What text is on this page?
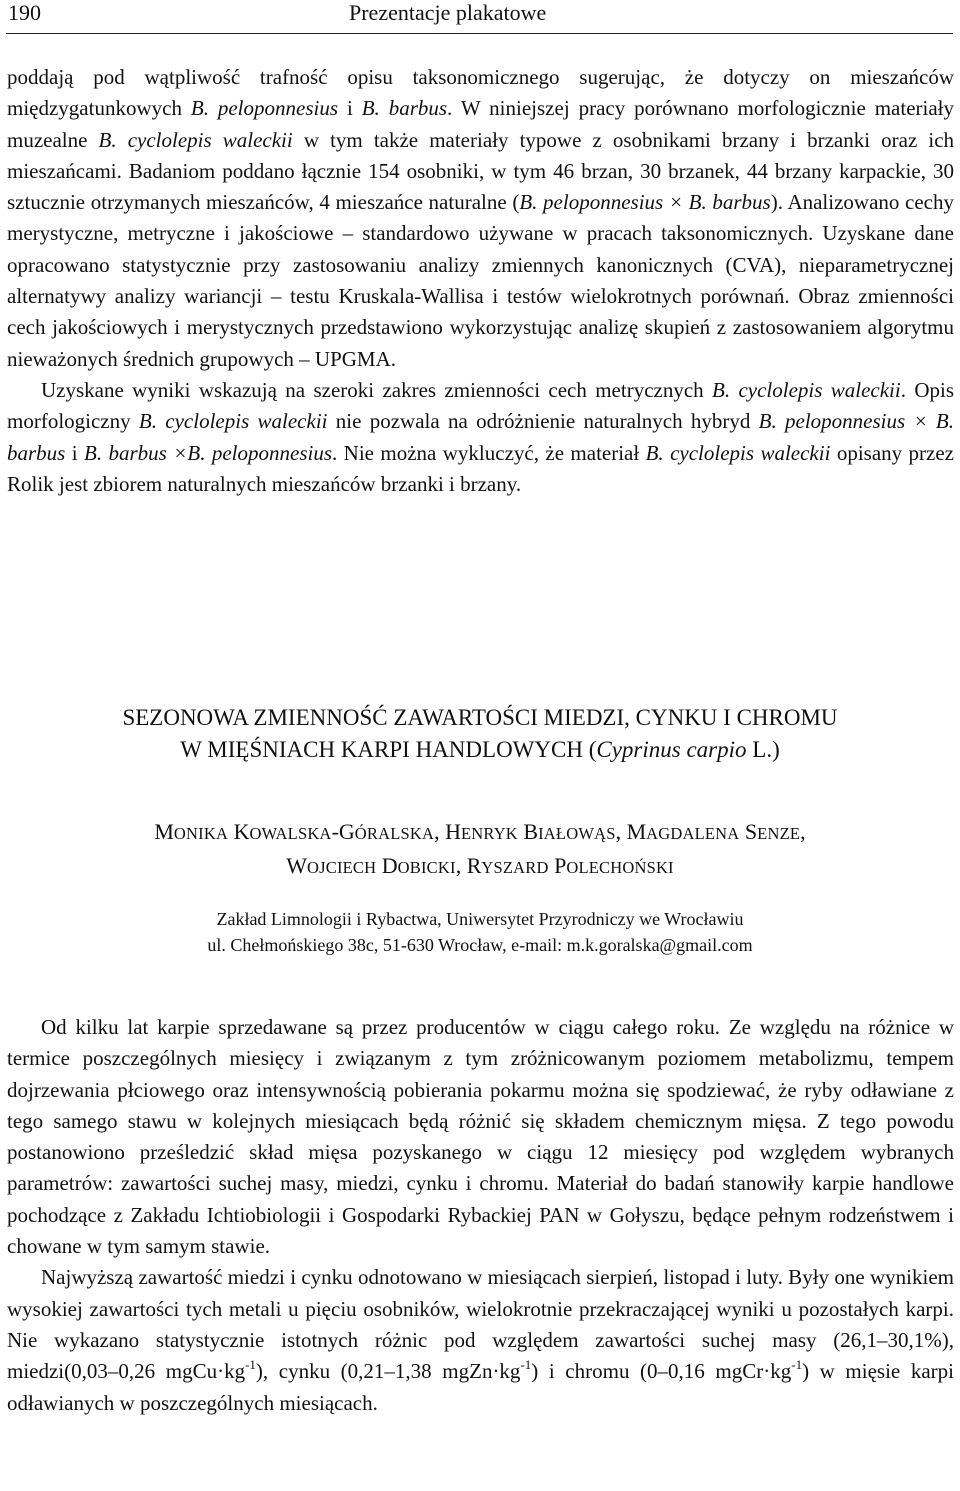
190	Prezentacje plakatowe
poddają pod wątpliwość trafność opisu taksonomicznego sugerując, że dotyczy on mieszańców międzygatunkowych B. peloponnesius i B. barbus. W niniejszej pracy porównano morfologicznie materiały muzealne B. cyclolepis waleckii w tym także materiały typowe z osobnikami brzany i brzanki oraz ich mieszańcami. Badaniom poddano łącznie 154 osobniki, w tym 46 brzan, 30 brzanek, 44 brzany karpackie, 30 sztucznie otrzymanych mieszańców, 4 mieszańce naturalne (B. peloponnesius × B. barbus). Analizowano cechy merystyczne, metryczne i jakościowe – standardowo używane w pracach taksonomicznych. Uzyskane dane opracowano statystycznie przy zastosowaniu analizy zmiennych kanonicznych (CVA), nieparametrycznej alternatywy analizy wariancji – testu Kruskala-Wallisa i testów wielokrotnych porównań. Obraz zmienności cech jakościowych i merystycznych przedstawiono wykorzystując analizę skupień z zastosowaniem algorytmu nieważonych średnich grupowych – UPGMA.
Uzyskane wyniki wskazują na szeroki zakres zmienności cech metrycznych B. cyclolepis waleckii. Opis morfologiczny B. cyclolepis waleckii nie pozwala na odróżnienie naturalnych hybryd B. peloponnesius × B. barbus i B. barbus ×B. peloponnesius. Nie można wykluczyć, że materiał B. cyclolepis waleckii opisany przez Rolik jest zbiorem naturalnych mieszańców brzanki i brzany.
SEZONOWA ZMIENNOŚĆ ZAWARTOŚCI MIEDZI, CYNKU I CHROMU
W MIĘŚNIACH KARPI HANDLOWYCH (Cyprinus carpio L.)

MONIKA KOWALSKA-GÓRALSKA, HENRYK BIAŁOWĄS, MAGDALENA SENZE,
WOJCIECH DOBICKI, RYSZARD POLECHOŃSKI

Zakład Limnologii i Rybactwa, Uniwersytet Przyrodniczy we Wrocławiu
ul. Chełmońskiego 38c, 51-630 Wrocław, e-mail: m.k.goralska@gmail.com

Od kilku lat karpie sprzedawane są przez producentów w ciągu całego roku. Ze względu na różnice w termice poszczególnych miesięcy i związanym z tym zróżnicowanym poziomem metabolizmu, tempem dojrzewania płciowego oraz intensywnością pobierania pokarmu można się spodziewać, że ryby odławiane z tego samego stawu w kolejnych miesiącach będą różnić się składem chemicznym mięsa. Z tego powodu postanowiono prześledzić skład mięsa pozyskanego w ciągu 12 miesięcy pod względem wybranych parametrów: zawartości suchej masy, miedzi, cynku i chromu. Materiał do badań stanowiły karpie handlowe pochodzące z Zakładu Ichtiobiologii i Gospodarki Rybackiej PAN w Gołyszu, będące pełnym rodzeństwem i chowane w tym samym stawie.
Najwyższą zawartość miedzi i cynku odnotowano w miesiącach sierpień, listopad i luty. Były one wynikiem wysokiej zawartości tych metali u pięciu osobników, wielokrotnie przekraczającej wyniki u pozostałych karpi. Nie wykazano statystycznie istotnych różnic pod względem zawartości suchej masy (26,1–30,1%), miedzi(0,03–0,26 $mgCu\cdot kg^{-1}$), cynku (0,21–1,38 $mgZn\cdot kg^{-1}$) i chromu (0–0,16 $mgCr\cdot kg^{-1}$) w mięsie karpi odławianych w poszczególnych miesiącach.
